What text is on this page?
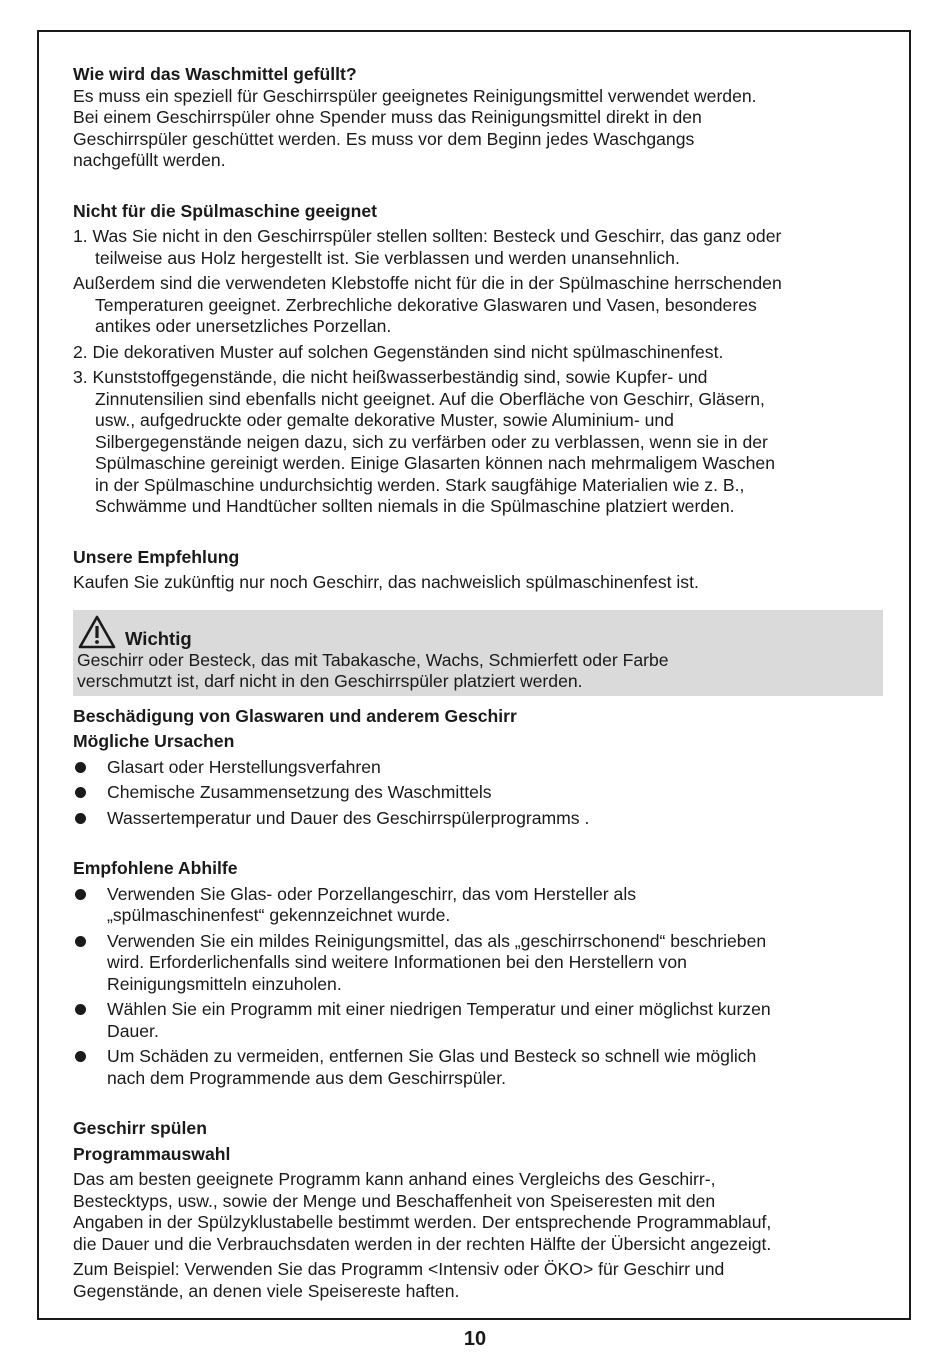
Wie wird das Waschmittel gefüllt?
Es muss ein speziell für Geschirrspüler geeignetes Reinigungsmittel verwendet werden.
Bei einem Geschirrspüler ohne Spender muss das Reinigungsmittel direkt in den
Geschirrspüler geschüttet werden. Es muss vor dem Beginn jedes Waschgangs
nachgefüllt werden.
Nicht für die Spülmaschine geeignet
1. Was Sie nicht in den Geschirrspüler stellen sollten: Besteck und Geschirr, das ganz oder
teilweise aus Holz hergestellt ist. Sie verblassen und werden unansehnlich.
Außerdem sind die verwendeten Klebstoffe nicht für die in der Spülmaschine herrschenden
Temperaturen geeignet. Zerbrechliche dekorative Glaswaren und Vasen, besonderes
antikes oder unersetzliches Porzellan.
2. Die dekorativen Muster auf solchen Gegenständen sind nicht spülmaschinenfest.
3. Kunststoffgegenstände, die nicht heißwasserbeständig sind, sowie Kupfer- und
Zinnutensilien sind ebenfalls nicht geeignet. Auf die Oberfläche von Geschirr, Gläsern,
usw., aufgedruckte oder gemalte dekorative Muster, sowie Aluminium- und
Silbergegenstände neigen dazu, sich zu verfärben oder zu verblassen, wenn sie in der
Spülmaschine gereinigt werden. Einige Glasarten können nach mehrmaligem Waschen
in der Spülmaschine undurchsichtig werden. Stark saugfähige Materialien wie z. B.,
Schwämme und Handtücher sollten niemals in die Spülmaschine platziert werden.
Unsere Empfehlung
Kaufen Sie zukünftig nur noch Geschirr, das nachweislich spülmaschinenfest ist.
Wichtig
Geschirr oder Besteck, das mit Tabakasche, Wachs, Schmierfett oder Farbe
verschmutzt ist, darf nicht in den Geschirrspüler platziert werden.
Beschädigung von Glaswaren und anderem Geschirr
Mögliche Ursachen
Glasart oder Herstellungsverfahren
Chemische Zusammensetzung des Waschmittels
Wassertemperatur und Dauer des Geschirrspülerprogramms .
Empfohlene Abhilfe
Verwenden Sie Glas- oder Porzellangeschirr, das vom Hersteller als
„spülmaschinenfest“ gekennzeichnet wurde.
Verwenden Sie ein mildes Reinigungsmittel, das als „geschirrschonend“ beschrieben
wird. Erforderlichenfalls sind weitere Informationen bei den Herstellern von
Reinigungsmitteln einzuholen.
Wählen Sie ein Programm mit einer niedrigen Temperatur und einer möglichst kurzen
Dauer.
Um Schäden zu vermeiden, entfernen Sie Glas und Besteck so schnell wie möglich
nach dem Programmende aus dem Geschirrspüler.
Geschirr spülen
Programmauswahl
Das am besten geeignete Programm kann anhand eines Vergleichs des Geschirr-,
Bestecktyps, usw., sowie der Menge und Beschaffenheit von Speiseresten mit den
Angaben in der Spülzyklustabelle bestimmt werden. Der entsprechende Programmablauf,
die Dauer und die Verbrauchsdaten werden in der rechten Hälfte der Übersicht angezeigt.
Zum Beispiel: Verwenden Sie das Programm <Intensiv oder ÖKO> für Geschirr und
Gegenstände, an denen viele Speisereste haften.
10
